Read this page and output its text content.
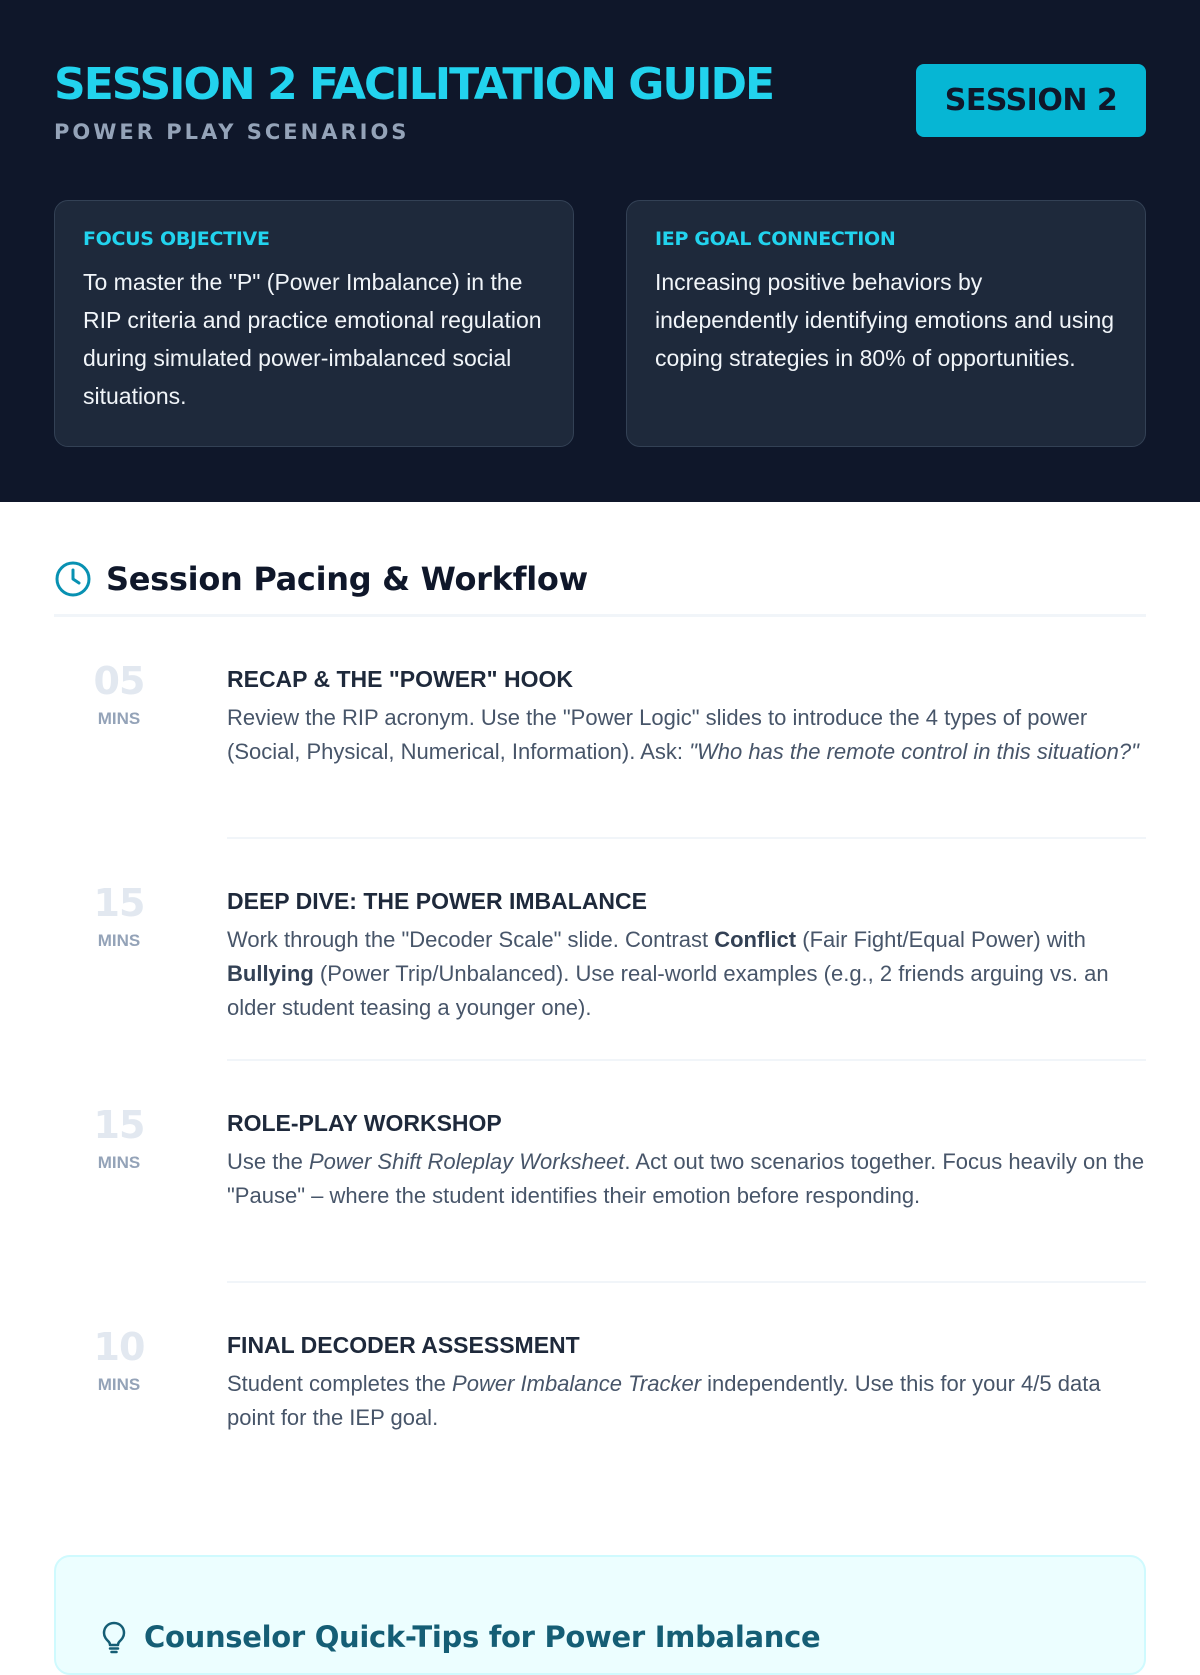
SESSION 2 FACILITATION GUIDE
POWER PLAY SCENARIOS
SESSION 2
FOCUS OBJECTIVE
To master the "P" (Power Imbalance) in the RIP criteria and practice emotional regulation during simulated power-imbalanced social situations.
IEP GOAL CONNECTION
Increasing positive behaviors by independently identifying emotions and using coping strategies in 80% of opportunities.
Session Pacing & Workflow
05
MINS
RECAP & THE "POWER" HOOK
Review the RIP acronym. Use the "Power Logic" slides to introduce the 4 types of power (Social, Physical, Numerical, Information). Ask: "Who has the remote control in this situation?"
15
MINS
DEEP DIVE: THE POWER IMBALANCE
Work through the "Decoder Scale" slide. Contrast Conflict (Fair Fight/Equal Power) with Bullying (Power Trip/Unbalanced). Use real-world examples (e.g., 2 friends arguing vs. an older student teasing a younger one).
15
MINS
ROLE-PLAY WORKSHOP
Use the Power Shift Roleplay Worksheet. Act out two scenarios together. Focus heavily on the "Pause" – where the student identifies their emotion before responding.
10
MINS
FINAL DECODER ASSESSMENT
Student completes the Power Imbalance Tracker independently. Use this for your 4/5 data point for the IEP goal.
Counselor Quick-Tips for Power Imbalance
